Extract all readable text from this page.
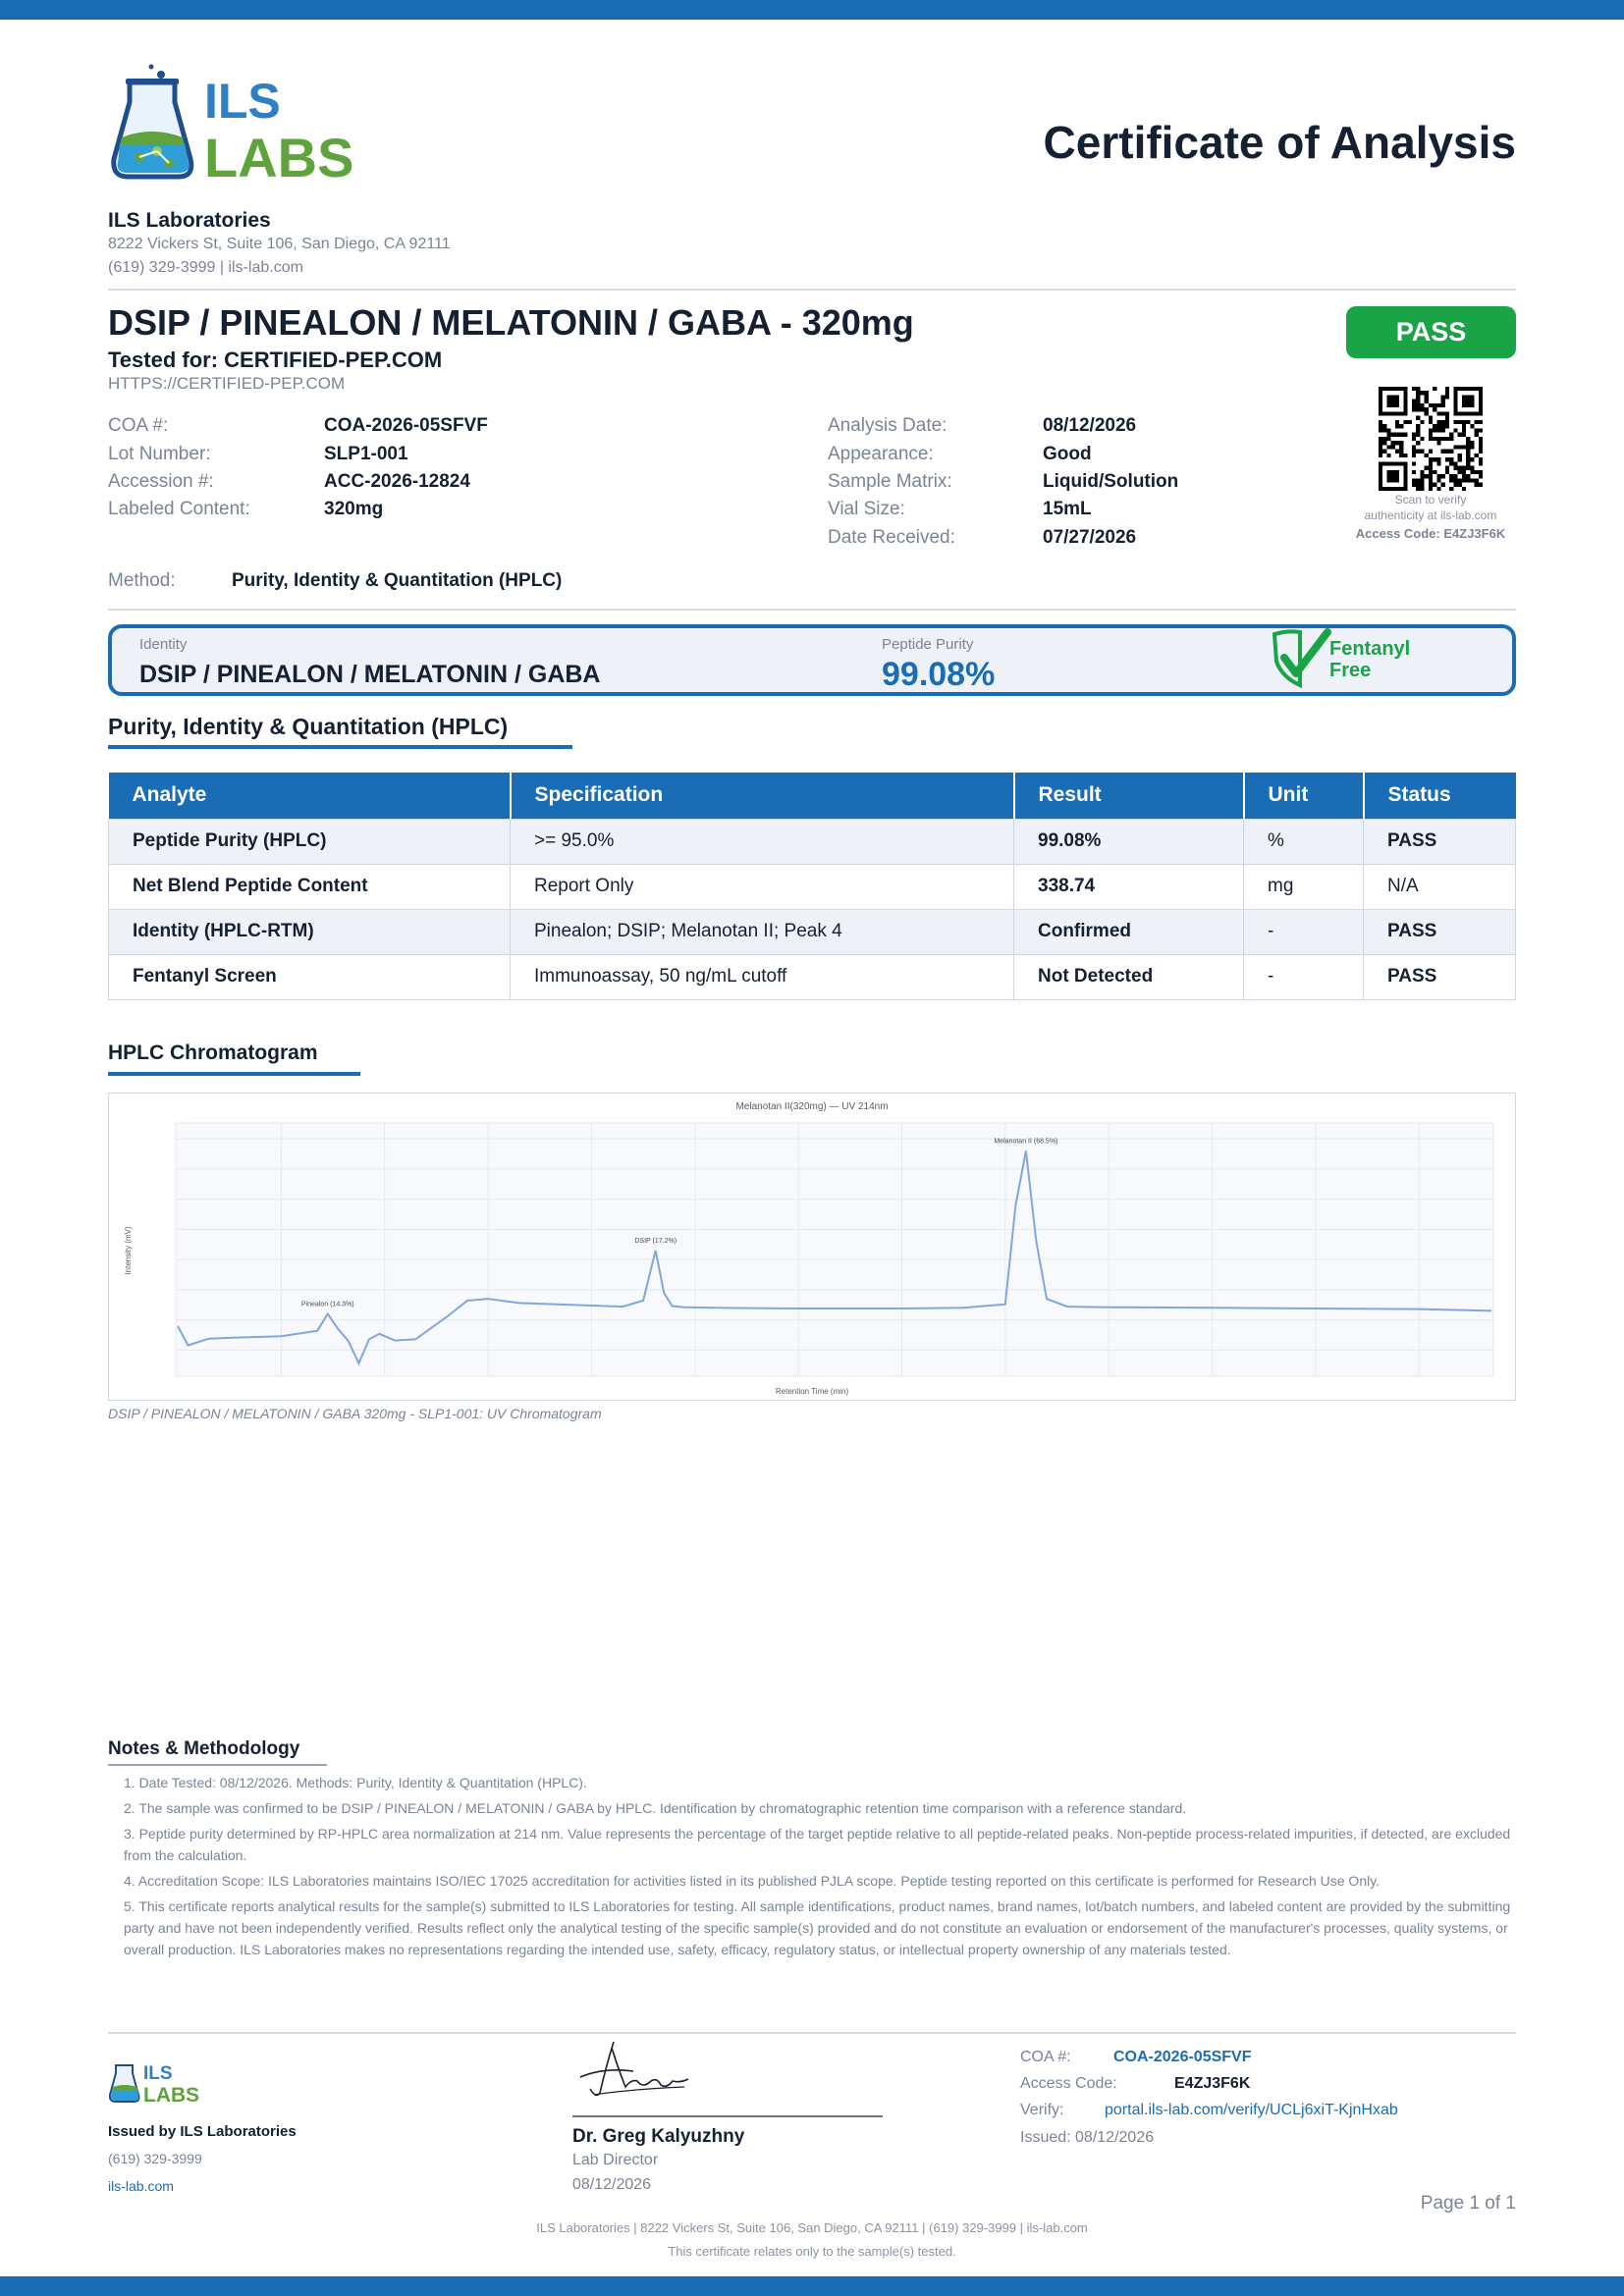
ILS
LABS	Certificate of Analysis
ILS Laboratories
8222 Vickers St, Suite 106, San Diego, CA 92111
(619) 329-3999 | ils-lab.com
DSIP / PINEALON / MELATONIN / GABA - 320mg
Tested for: CERTIFIED-PEP.COM
HTTPS://CERTIFIED-PEP.COM
PASS
COA #:	COA-2026-05SFVF
Lot Number:	SLP1-001
Accession #:	ACC-2026-12824
Labeled Content:	320mg
Analysis Date:	08/12/2026
Appearance:	Good
Sample Matrix:	Liquid/Solution
Vial Size:	15mL
Date Received:	07/27/2026
Scan to verify
authenticity at ils-lab.com
Access Code: E4ZJ3F6K
Method:	Purity, Identity & Quantitation (HPLC)
Identity
DSIP / PINEALON / MELATONIN / GABA
Peptide Purity
99.08%
Fentanyl
Free
Purity, Identity & Quantitation (HPLC)
Analyte	Specification	Result	Unit	Status
Peptide Purity (HPLC)	>= 95.0%	99.08%	%	PASS
Net Blend Peptide Content	Report Only	338.74	mg	N/A
Identity (HPLC-RTM)	Pinealon; DSIP; Melanotan II; Peak 4	Confirmed	-	PASS
Fentanyl Screen	Immunoassay, 50 ng/mL cutoff	Not Detected	-	PASS
HPLC Chromatogram
Melanotan II(320mg) — UV 214nm
Retention Time (min)
Intensity (mV)
Pinealon (14.3%)
DSIP (17.2%)
Melanotan II (68.5%)
DSIP / PINEALON / MELATONIN / GABA 320mg - SLP1-001: UV Chromatogram
Notes & Methodology
1. Date Tested: 08/12/2026. Methods: Purity, Identity & Quantitation (HPLC).
2. The sample was confirmed to be DSIP / PINEALON / MELATONIN / GABA by HPLC. Identification by chromatographic retention time comparison with a reference standard.
3. Peptide purity determined by RP-HPLC area normalization at 214 nm. Value represents the percentage of the target peptide relative to all peptide-related peaks. Non-peptide process-related impurities, if detected, are excluded from the calculation.
4. Accreditation Scope: ILS Laboratories maintains ISO/IEC 17025 accreditation for activities listed in its published PJLA scope. Peptide testing reported on this certificate is performed for Research Use Only.
5. This certificate reports analytical results for the sample(s) submitted to ILS Laboratories for testing. All sample identifications, product names, brand names, lot/batch numbers, and labeled content are provided by the submitting party and have not been independently verified. Results reflect only the analytical testing of the specific sample(s) provided and do not constitute an evaluation or endorsement of the manufacturer's processes, quality systems, or overall production. ILS Laboratories makes no representations regarding the intended use, safety, efficacy, regulatory status, or intellectual property ownership of any materials tested.
ILS
LABS
Issued by ILS Laboratories
(619) 329-3999
ils-lab.com
Dr. Greg Kalyuzhny
Lab Director
08/12/2026
COA #:	COA-2026-05SFVF
Access Code:	E4ZJ3F6K
Verify:	portal.ils-lab.com/verify/UCLj6xiT-KjnHxab
Issued: 08/12/2026
Page 1 of 1
ILS Laboratories | 8222 Vickers St, Suite 106, San Diego, CA 92111 | (619) 329-3999 | ils-lab.com
This certificate relates only to the sample(s) tested.
